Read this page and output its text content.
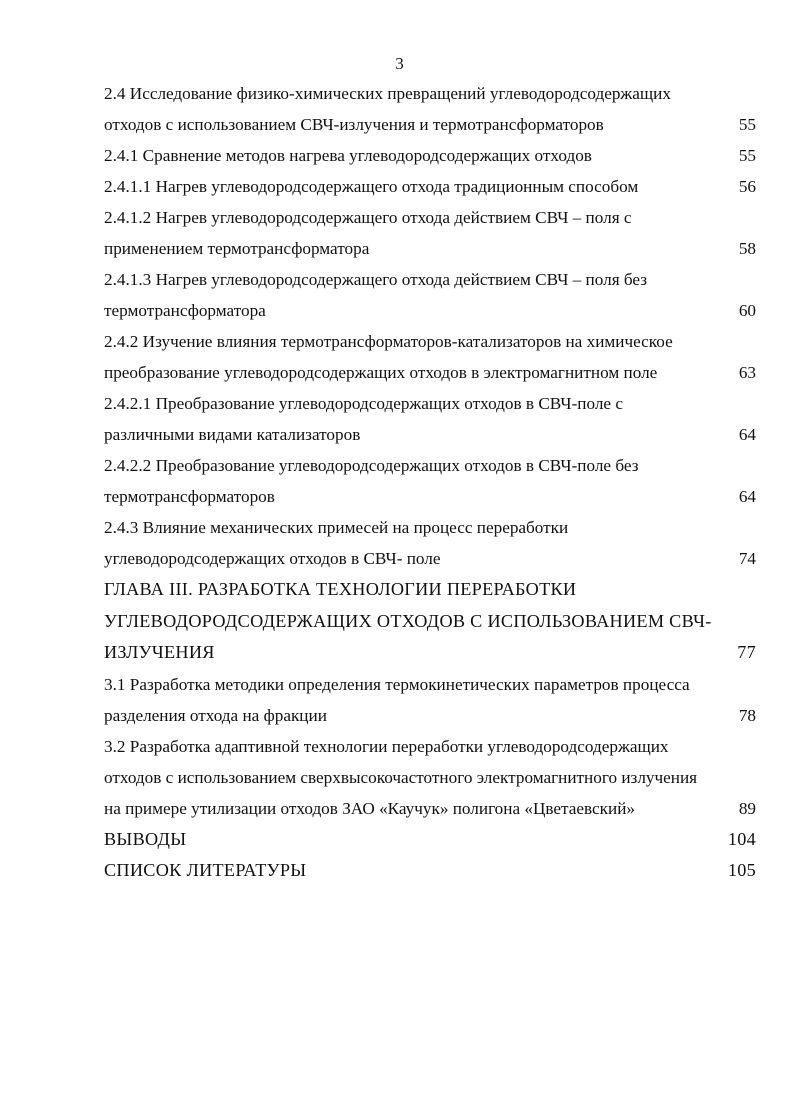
3
2.4 Исследование физико-химических превращений углеводородсодержащих
отходов с использованием СВЧ-излучения и термотрансформаторов	55
2.4.1 Сравнение методов нагрева углеводородсодержащих отходов	55
2.4.1.1 Нагрев углеводородсодержащего отхода традиционным способом	56
2.4.1.2 Нагрев углеводородсодержащего отхода действием СВЧ – поля с
применением термотрансформатора	58
2.4.1.3 Нагрев углеводородсодержащего отхода действием СВЧ – поля без
термотрансформатора	60
2.4.2 Изучение влияния термотрансформаторов-катализаторов на химическое
преобразование углеводородсодержащих отходов в электромагнитном поле	63
2.4.2.1 Преобразование углеводородсодержащих отходов в СВЧ-поле с
различными видами катализаторов	64
2.4.2.2 Преобразование углеводородсодержащих отходов в СВЧ-поле без
термотрансформаторов	64
2.4.3 Влияние механических примесей на процесс переработки
углеводородсодержащих отходов в СВЧ- поле	74
ГЛАВА III. РАЗРАБОТКА ТЕХНОЛОГИИ ПЕРЕРАБОТКИ
УГЛЕВОДОРОДСОДЕРЖАЩИХ ОТХОДОВ С ИСПОЛЬЗОВАНИЕМ СВЧ-
ИЗЛУЧЕНИЯ	77
3.1 Разработка методики определения термокинетических параметров процесса
разделения отхода на фракции	78
3.2 Разработка адаптивной технологии переработки углеводородсодержащих
отходов с использованием сверхвысокочастотного электромагнитного излучения
на примере утилизации отходов ЗАО «Каучук» полигона «Цветаевский»	89
ВЫВОДЫ	104
СПИСОК ЛИТЕРАТУРЫ	105
